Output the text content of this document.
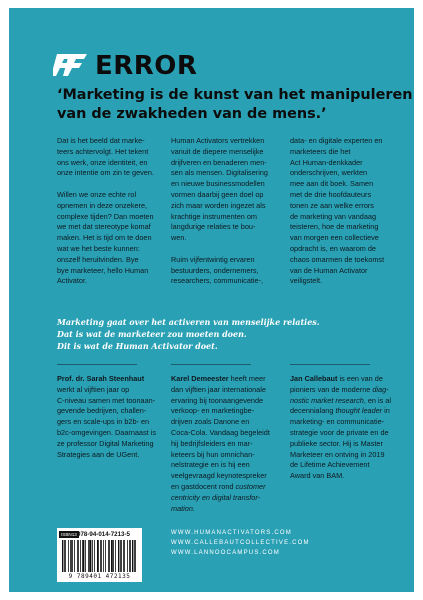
ERROR
‘Marketing is de kunst van het manipuleren
van de zwakheden van de mens.’
Dat is het beeld dat marke-
teers achtervolgt. Het tekent
ons werk, onze identiteit, en
onze intentie om zin te geven.
Willen we onze echte rol
opnemen in deze onzekere,
complexe tijden? Dan moeten
we met dat stereotype komaf
maken. Het is tijd om te doen
wat we het beste kunnen:
onszelf heruitvinden. Bye
bye marketeer, hello Human
Activator.
Human Activators vertrekken
vanuit de diepere menselijke
drijfveren en benaderen men-
sen als mensen. Digitalisering
en nieuwe businessmodellen
vormen daarbij geen doel op
zich maar worden ingezet als
krachtige instrumenten om
langdurige relaties te bou-
wen.
Ruim vijfentwintig ervaren
bestuurders, ondernemers,
researchers, communicatie-,
data- en digitale experten en
marketeers die het
Act Human-denkkader
onderschrijven, werkten
mee aan dit boek. Samen
met de drie hoofdauteurs
tonen ze aan welke errors
de marketing van vandaag
teisteren, hoe de marketing
van morgen een collectieve
opdracht is, en waarom de
chaos omarmen de toekomst
van de Human Activator
veiligstelt.
Marketing gaat over het activeren van menselijke relaties.
Dat is wat de marketeer zou moeten doen.
Dit is wat de Human Activator doet.
Prof. dr. Sarah Steenhaut
werkt al vijftien jaar op
C-niveau samen met toonaan-
gevende bedrijven, challen-
gers en scale-ups in b2b- en
b2c-omgevingen. Daarnaast is
ze professor Digital Marketing
Strategies aan de UGent.
Karel Demeester heeft meer
dan vijftien jaar internationale
ervaring bij toonaangevende
verkoop- en marketingbe-
drijven zoals Danone en
Coca-Cola. Vandaag begeleidt
hij bedrijfsleiders en mar-
keteers bij hun omnichan-
nelstrategie en is hij een
veelgevraagd keynotespreker
en gastdocent rond customer
centricity en digital transfor-
mation.
Jan Callebaut is een van de
pioniers van de moderne diag-
nostic market research, en is al
decennialang thought leader in
marketing- en communicatie-
strategie voor de private en de
publieke sector. Hij is Master
Marketeer en ontving in 2019
de Lifetime Achievement
Award van BAM.
ISBN13 978-94-014-7213-5
9 789401 472135
WWW.HUMANACTIVATORS.COM
WWW.CALLEBAUTCOLLECTIVE.COM
WWW.LANNOOCAMPUS.COM
